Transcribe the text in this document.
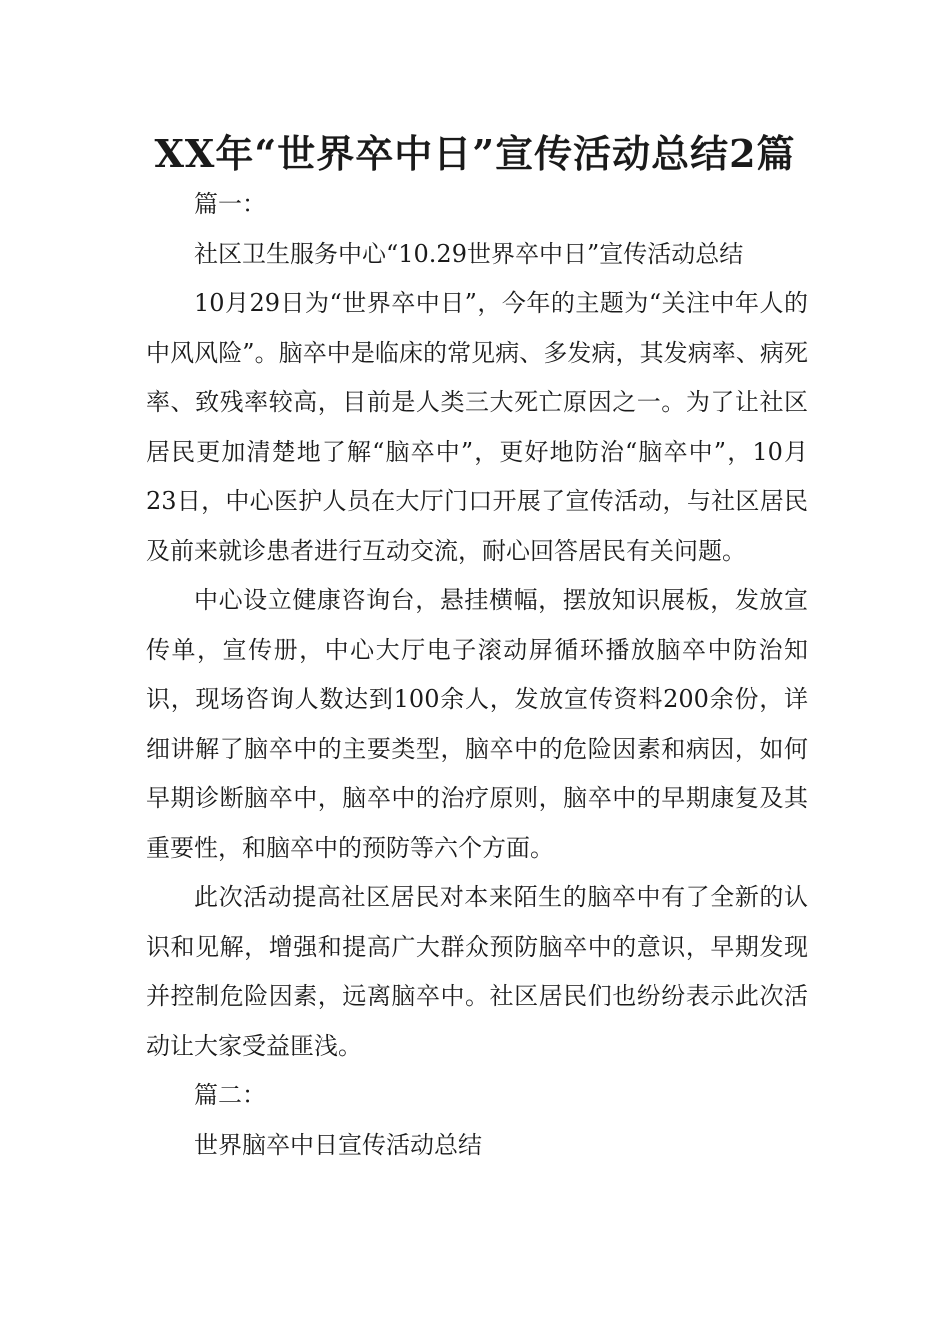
XX年“世界卒中日”宣传活动总结2篇

篇一：

社区卫生服务中心“10.29世界卒中日”宣传活动总结

10月29日为“世界卒中日”，今年的主题为“关注中年人的中风风险”。脑卒中是临床的常见病、多发病，其发病率、病死率、致残率较高，目前是人类三大死亡原因之一。为了让社区居民更加清楚地了解“脑卒中”，更好地防治“脑卒中”，10月23日，中心医护人员在大厅门口开展了宣传活动，与社区居民及前来就诊患者进行互动交流，耐心回答居民有关问题。

中心设立健康咨询台，悬挂横幅，摆放知识展板，发放宣传单，宣传册，中心大厅电子滚动屏循环播放脑卒中防治知识，现场咨询人数达到100余人，发放宣传资料200余份，详细讲解了脑卒中的主要类型，脑卒中的危险因素和病因，如何早期诊断脑卒中，脑卒中的治疗原则，脑卒中的早期康复及其重要性，和脑卒中的预防等六个方面。

此次活动提高社区居民对本来陌生的脑卒中有了全新的认识和见解，增强和提高广大群众预防脑卒中的意识，早期发现并控制危险因素，远离脑卒中。社区居民们也纷纷表示此次活动让大家受益匪浅。

篇二：

世界脑卒中日宣传活动总结
